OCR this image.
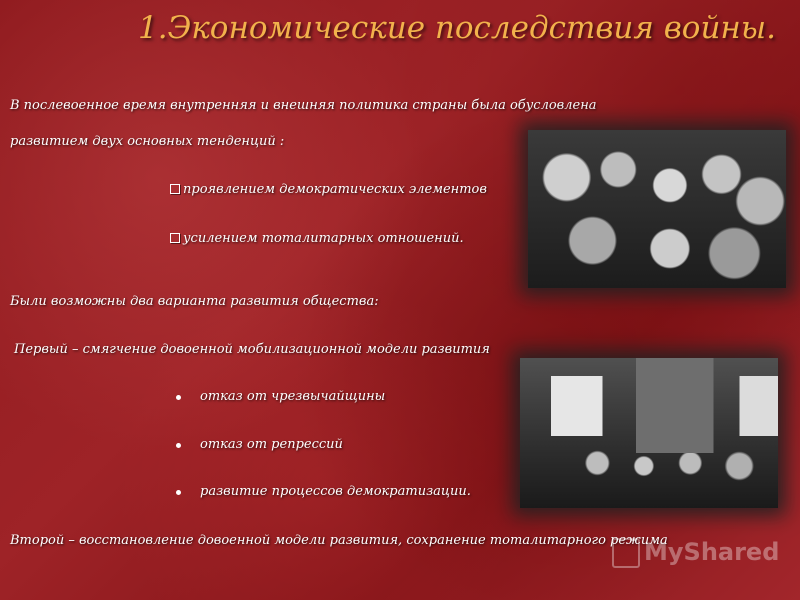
1.Экономические последствия войны.
В послевоенное время внутренняя и внешняя политика страны была обусловлена
развитием двух основных тенденций :
проявлением демократических элементов
усилением тоталитарных отношений.
Были возможны два варианта развития общества:
Первый – смягчение довоенной мобилизационной модели развития
отказ от чрезвычайщины
отказ от репрессий
развитие процессов демократизации.
Второй – восстановление довоенной модели развития, сохранение тоталитарного режима
MyShared
